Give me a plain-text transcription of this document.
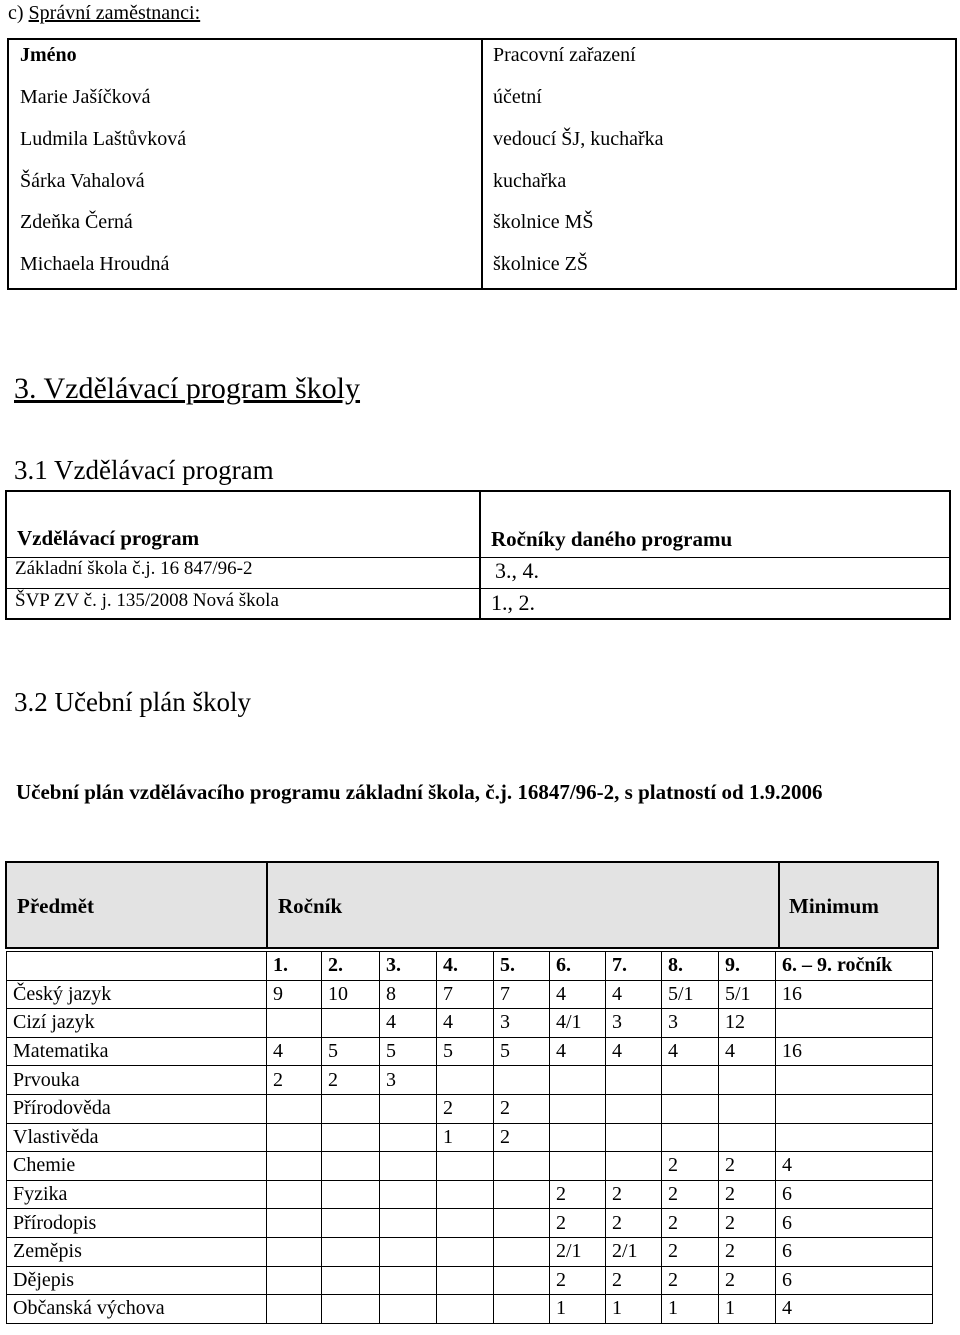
c) Správní zaměstnanci:
Jméno	Pracovní zařazení
Marie Jašíčková	účetní
Ludmila Laštůvková	vedoucí ŠJ, kuchařka
Šárka Vahalová	kuchařka
Zdeňka Černá	školnice MŠ
Michaela Hroudná	školnice ZŠ
3. Vzdělávací program školy
3.1 Vzdělávací program
Vzdělávací program	Ročníky daného programu
Základní škola č.j. 16 847/96-2	3., 4.
ŠVP ZV č. j. 135/2008 Nová škola	1., 2.
3.2 Učební plán školy
Učební plán vzdělávacího programu základní škola, č.j. 16847/96-2, s platností od 1.9.2006
Předmět	Ročník	Minimum
	1.	2.	3.	4.	5.	6.	7.	8.	9.	6. – 9. ročník
Český jazyk	9	10	8	7	7	4	4	5/1	5/1	16
Cizí jazyk			4	4	3	4/1	3	3	12	
Matematika	4	5	5	5	5	4	4	4	4	16
Prvouka	2	2	3							
Přírodověda				2	2					
Vlastivěda				1	2					
Chemie								2	2	4
Fyzika						2	2	2	2	6
Přírodopis						2	2	2	2	6
Zeměpis						2/1	2/1	2	2	6
Dějepis						2	2	2	2	6
Občanská výchova						1	1	1	1	4
